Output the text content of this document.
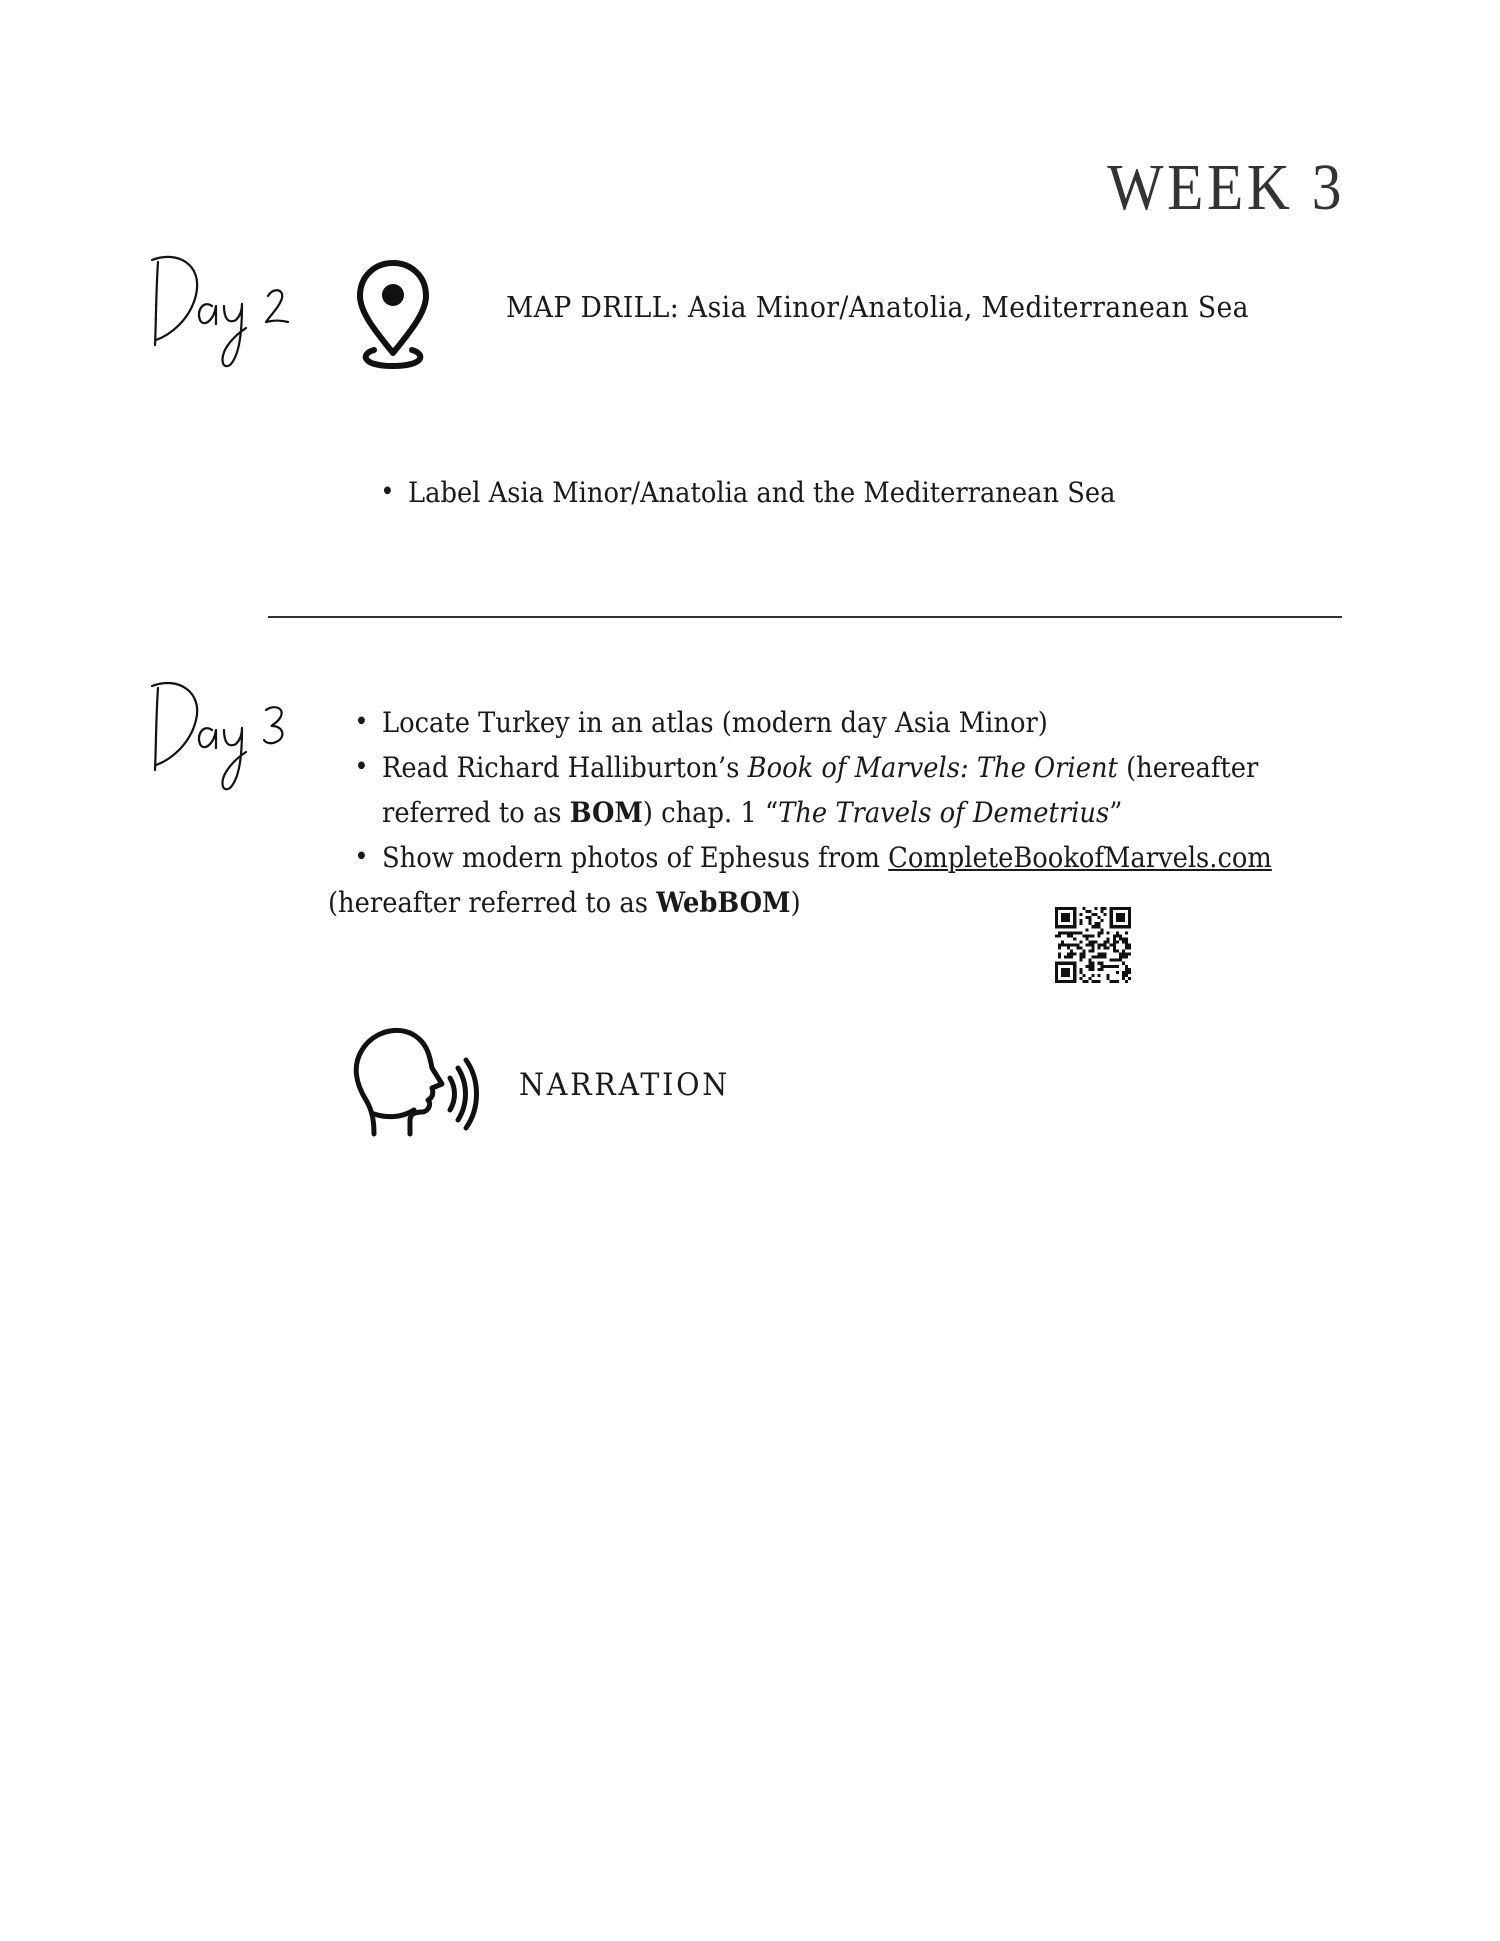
WEEK 3
MAP DRILL: Asia Minor/Anatolia, Mediterranean Sea
• Label Asia Minor/Anatolia and the Mediterranean Sea
• Locate Turkey in an atlas (modern day Asia Minor)
• Read Richard Halliburton’s Book of Marvels: The Orient (hereafter
referred to as BOM) chap. 1 “The Travels of Demetrius”
• Show modern photos of Ephesus from CompleteBookofMarvels.com
(hereafter referred to as WebBOM)
NARRATION
